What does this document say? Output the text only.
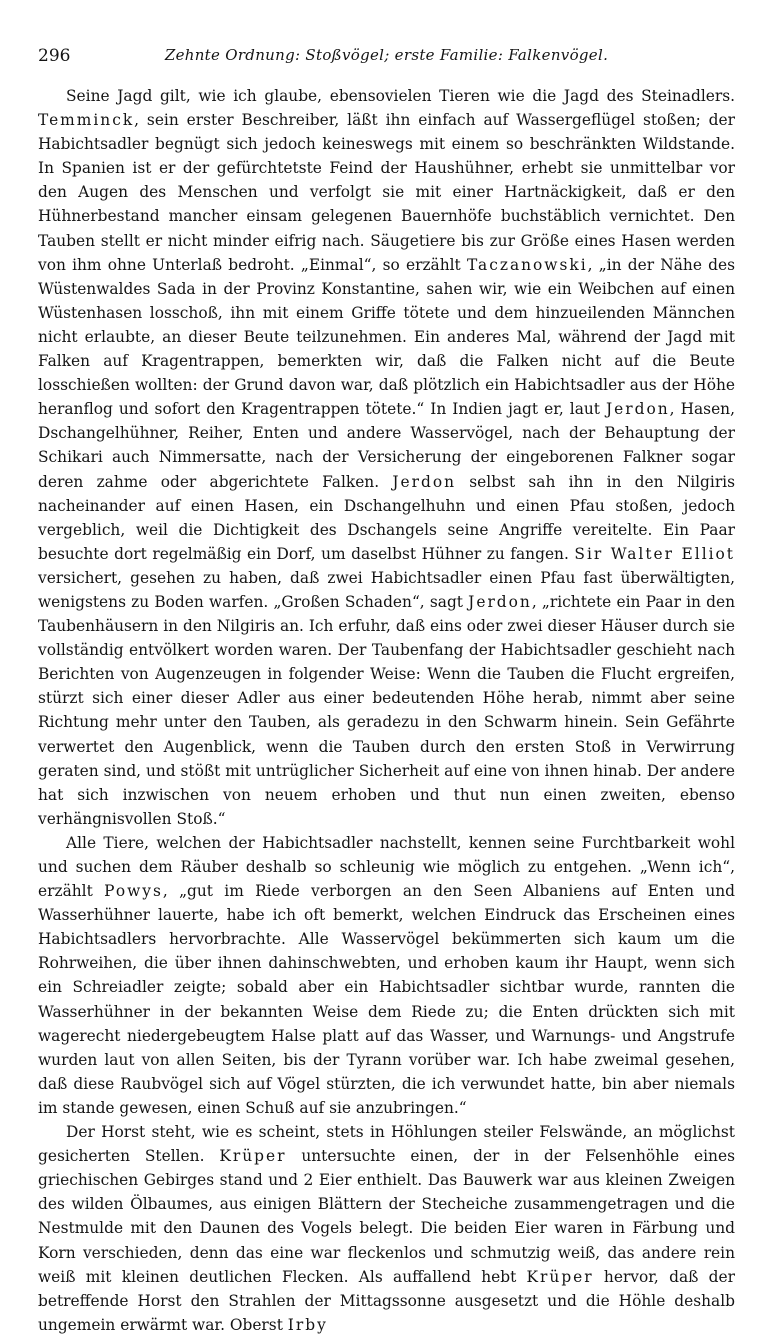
296	Zehnte Ordnung: Stoßvögel; erste Familie: Falkenvögel.

Seine Jagd gilt, wie ich glaube, ebensovielen Tieren wie die Jagd des Steinadlers. Temminck, sein erster Beschreiber, läßt ihn einfach auf Wassergeflügel stoßen; der Habichtsadler begnügt sich jedoch keineswegs mit einem so beschränkten Wildstande. In Spanien ist er der gefürchtetste Feind der Haushühner, erhebt sie unmittelbar vor den Augen des Menschen und verfolgt sie mit einer Hartnäckigkeit, daß er den Hühnerbestand mancher einsam gelegenen Bauernhöfe buchstäblich vernichtet. Den Tauben stellt er nicht minder eifrig nach. Säugetiere bis zur Größe eines Hasen werden von ihm ohne Unterlaß bedroht. „Einmal“, so erzählt Taczanowski, „in der Nähe des Wüstenwaldes Sada in der Provinz Konstantine, sahen wir, wie ein Weibchen auf einen Wüstenhasen losschoß, ihn mit einem Griffe tötete und dem hinzueilenden Männchen nicht erlaubte, an dieser Beute teilzunehmen. Ein anderes Mal, während der Jagd mit Falken auf Kragentrappen, bemerkten wir, daß die Falken nicht auf die Beute losschießen wollten: der Grund davon war, daß plötzlich ein Habichtsadler aus der Höhe heranflog und sofort den Kragentrappen tötete.“ In Indien jagt er, laut Jerdon, Hasen, Dschangelhühner, Reiher, Enten und andere Wasservögel, nach der Behauptung der Schikari auch Nimmersatte, nach der Versicherung der eingeborenen Falkner sogar deren zahme oder abgerichtete Falken. Jerdon selbst sah ihn in den Nilgiris nacheinander auf einen Hasen, ein Dschangelhuhn und einen Pfau stoßen, jedoch vergeblich, weil die Dichtigkeit des Dschangels seine Angriffe vereitelte. Ein Paar besuchte dort regelmäßig ein Dorf, um daselbst Hühner zu fangen. Sir Walter Elliot versichert, gesehen zu haben, daß zwei Habichtsadler einen Pfau fast überwältigten, wenigstens zu Boden warfen. „Großen Schaden“, sagt Jerdon, „richtete ein Paar in den Taubenhäusern in den Nilgiris an. Ich erfuhr, daß eins oder zwei dieser Häuser durch sie vollständig entvölkert worden waren. Der Taubenfang der Habichtsadler geschieht nach Berichten von Augenzeugen in folgender Weise: Wenn die Tauben die Flucht ergreifen, stürzt sich einer dieser Adler aus einer bedeutenden Höhe herab, nimmt aber seine Richtung mehr unter den Tauben, als geradezu in den Schwarm hinein. Sein Gefährte verwertet den Augenblick, wenn die Tauben durch den ersten Stoß in Verwirrung geraten sind, und stößt mit untrüglicher Sicherheit auf eine von ihnen hinab. Der andere hat sich inzwischen von neuem erhoben und thut nun einen zweiten, ebenso verhängnisvollen Stoß.“

Alle Tiere, welchen der Habichtsadler nachstellt, kennen seine Furchtbarkeit wohl und suchen dem Räuber deshalb so schleunig wie möglich zu entgehen. „Wenn ich“, erzählt Powys, „gut im Riede verborgen an den Seen Albaniens auf Enten und Wasserhühner lauerte, habe ich oft bemerkt, welchen Eindruck das Erscheinen eines Habichtsadlers hervorbrachte. Alle Wasservögel bekümmerten sich kaum um die Rohrweihen, die über ihnen dahinschwebten, und erhoben kaum ihr Haupt, wenn sich ein Schreiadler zeigte; sobald aber ein Habichtsadler sichtbar wurde, rannten die Wasserhühner in der bekannten Weise dem Riede zu; die Enten drückten sich mit wagerecht niedergebeugtem Halse platt auf das Wasser, und Warnungs- und Angstrufe wurden laut von allen Seiten, bis der Tyrann vorüber war. Ich habe zweimal gesehen, daß diese Raubvögel sich auf Vögel stürzten, die ich verwundet hatte, bin aber niemals im stande gewesen, einen Schuß auf sie anzubringen.“

Der Horst steht, wie es scheint, stets in Höhlungen steiler Felswände, an möglichst gesicherten Stellen. Krüper untersuchte einen, der in der Felsenhöhle eines griechischen Gebirges stand und 2 Eier enthielt. Das Bauwerk war aus kleinen Zweigen des wilden Ölbaumes, aus einigen Blättern der Stecheiche zusammengetragen und die Nestmulde mit den Daunen des Vogels belegt. Die beiden Eier waren in Färbung und Korn verschieden, denn das eine war fleckenlos und schmutzig weiß, das andere rein weiß mit kleinen deutlichen Flecken. Als auffallend hebt Krüper hervor, daß der betreffende Horst den Strahlen der Mittagssonne ausgesetzt und die Höhle deshalb ungemein erwärmt war. Oberst Irby
